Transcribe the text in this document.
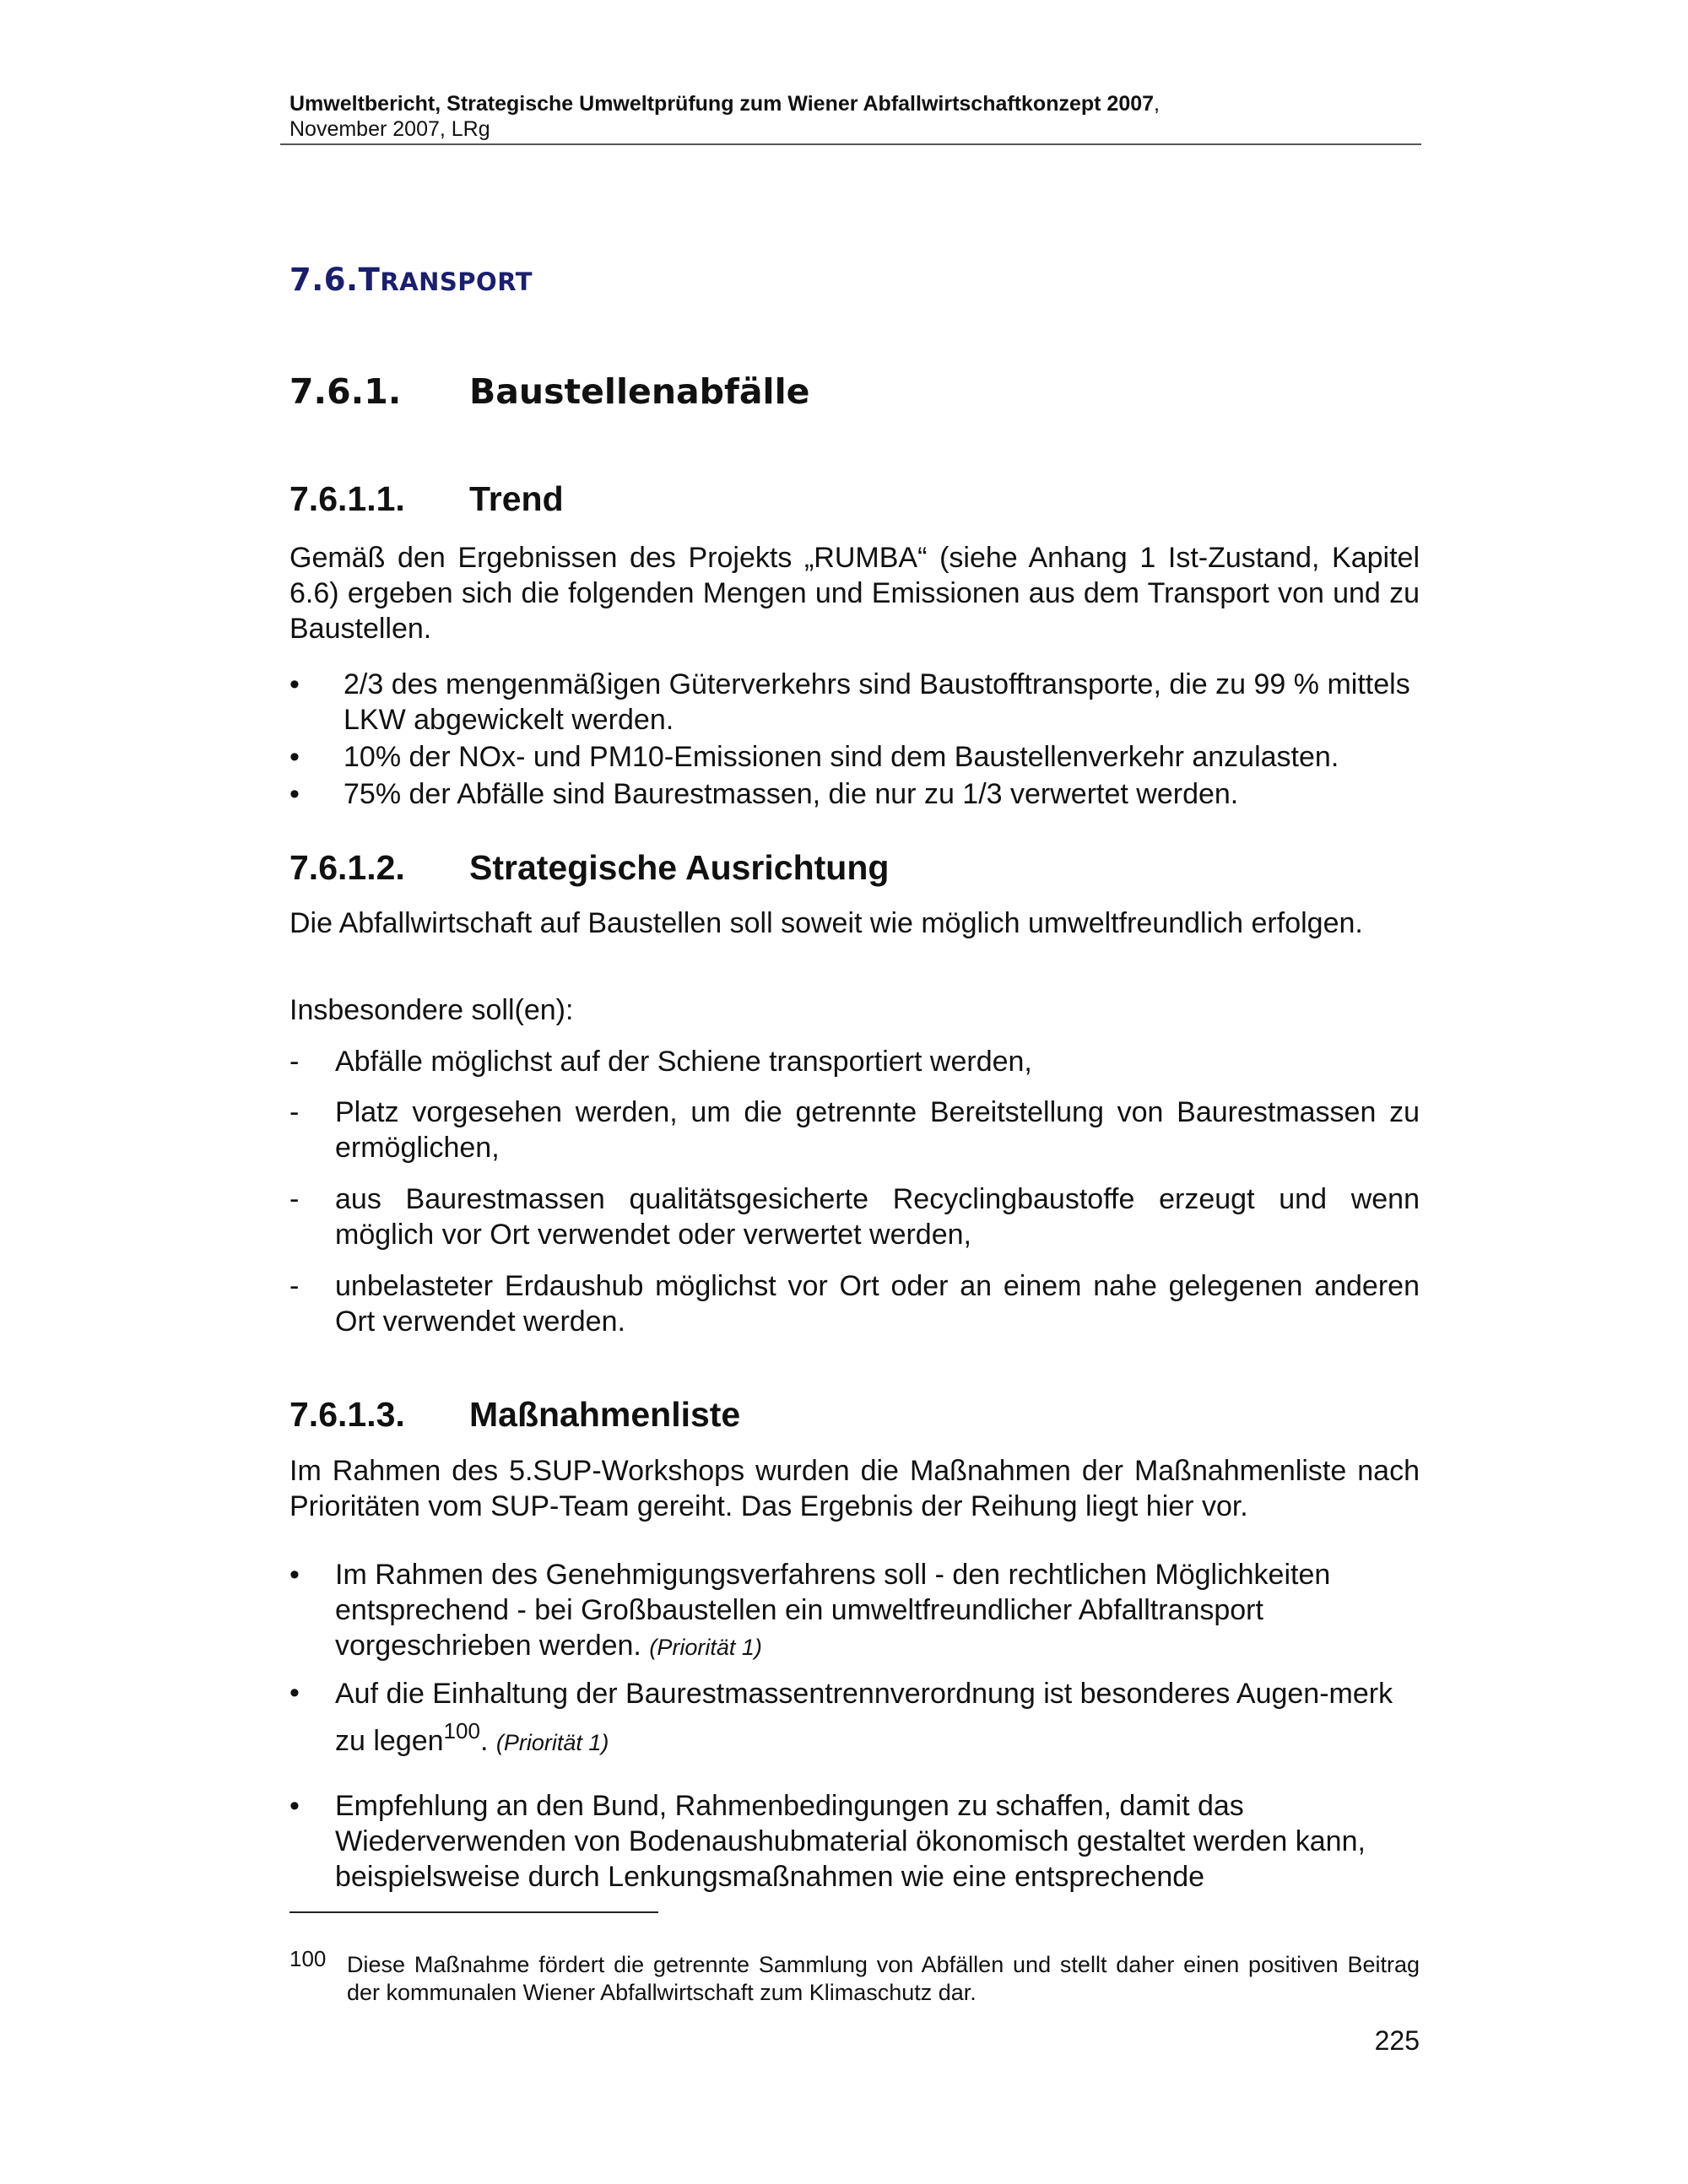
Umweltbericht, Strategische Umweltprüfung zum Wiener Abfallwirtschaftkonzept 2007,
November 2007, LRg
7.6.TRANSPORT
7.6.1. Baustellenabfälle
7.6.1.1. Trend
Gemäß den Ergebnissen des Projekts „RUMBA“ (siehe Anhang 1 Ist-Zustand, Kapitel 6.6) ergeben sich die folgenden Mengen und Emissionen aus dem Transport von und zu Baustellen.
• 2/3 des mengenmäßigen Güterverkehrs sind Baustofftransporte, die zu 99 % mittels LKW abgewickelt werden.
• 10% der NOx- und PM10-Emissionen sind dem Baustellenverkehr anzulasten.
• 75% der Abfälle sind Baurestmassen, die nur zu 1/3 verwertet werden.
7.6.1.2. Strategische Ausrichtung
Die Abfallwirtschaft auf Baustellen soll soweit wie möglich umweltfreundlich erfolgen.
Insbesondere soll(en):
- Abfälle möglichst auf der Schiene transportiert werden,
- Platz vorgesehen werden, um die getrennte Bereitstellung von Baurestmassen zu ermöglichen,
- aus Baurestmassen qualitätsgesicherte Recyclingbaustoffe erzeugt und wenn möglich vor Ort verwendet oder verwertet werden,
- unbelasteter Erdaushub möglichst vor Ort oder an einem nahe gelegenen anderen Ort verwendet werden.
7.6.1.3. Maßnahmenliste
Im Rahmen des 5.SUP-Workshops wurden die Maßnahmen der Maßnahmenliste nach Prioritäten vom SUP-Team gereiht. Das Ergebnis der Reihung liegt hier vor.
• Im Rahmen des Genehmigungsverfahrens soll - den rechtlichen Möglichkeiten entsprechend - bei Großbaustellen ein umweltfreundlicher Abfalltransport vorgeschrieben werden. (Priorität 1)
• Auf die Einhaltung der Baurestmassentrennverordnung ist besonderes Augen-merk zu legen$^{100}$. (Priorität 1)
• Empfehlung an den Bund, Rahmenbedingungen zu schaffen, damit das Wiederverwenden von Bodenaushubmaterial ökonomisch gestaltet werden kann, beispielsweise durch Lenkungsmaßnahmen wie eine entsprechende
100 Diese Maßnahme fördert die getrennte Sammlung von Abfällen und stellt daher einen positiven Beitrag der kommunalen Wiener Abfallwirtschaft zum Klimaschutz dar.
225
